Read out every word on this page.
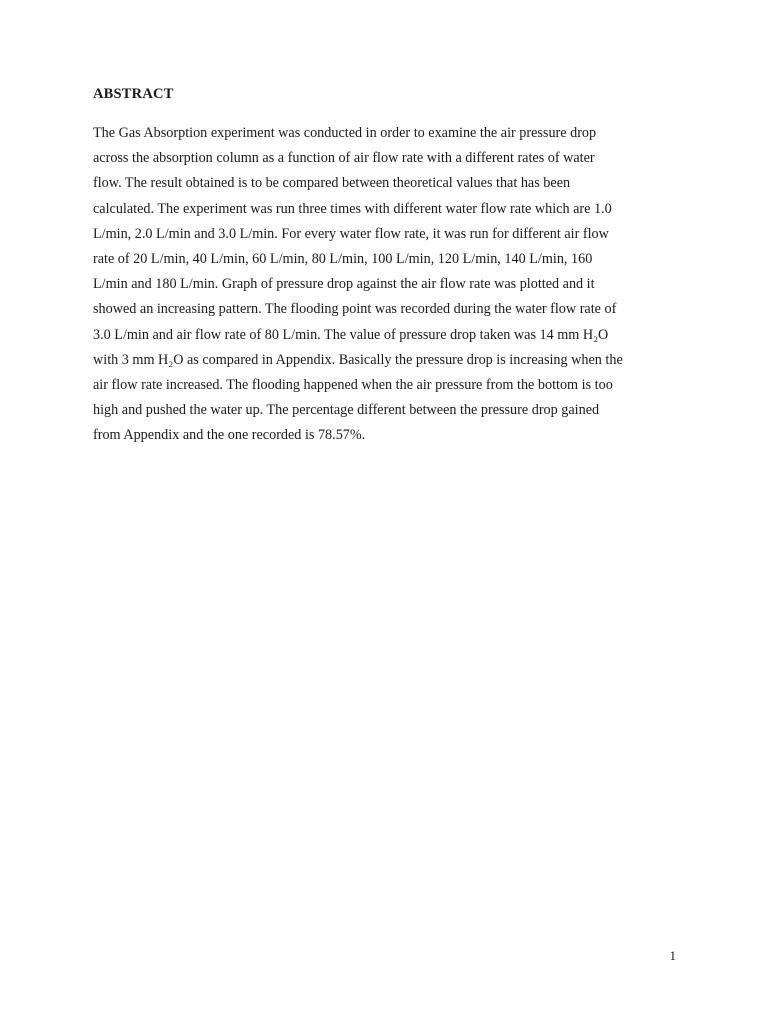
ABSTRACT

The Gas Absorption experiment was conducted in order to examine the air pressure drop
across the absorption column as a function of air flow rate with a different rates of water
flow. The result obtained is to be compared between theoretical values that has been
calculated. The experiment was run three times with different water flow rate which are 1.0
L/min, 2.0 L/min and 3.0 L/min. For every water flow rate, it was run for different air flow
rate of 20 L/min, 40 L/min, 60 L/min, 80 L/min, 100 L/min, 120 L/min, 140 L/min, 160
L/min and 180 L/min. Graph of pressure drop against the air flow rate was plotted and it
showed an increasing pattern. The flooding point was recorded during the water flow rate of
3.0 L/min and air flow rate of 80 L/min. The value of pressure drop taken was 14 mm H₂O
with 3 mm H₂O as compared in Appendix. Basically the pressure drop is increasing when the
air flow rate increased. The flooding happened when the air pressure from the bottom is too
high and pushed the water up. The percentage different between the pressure drop gained
from Appendix and the one recorded is 78.57%.

1
